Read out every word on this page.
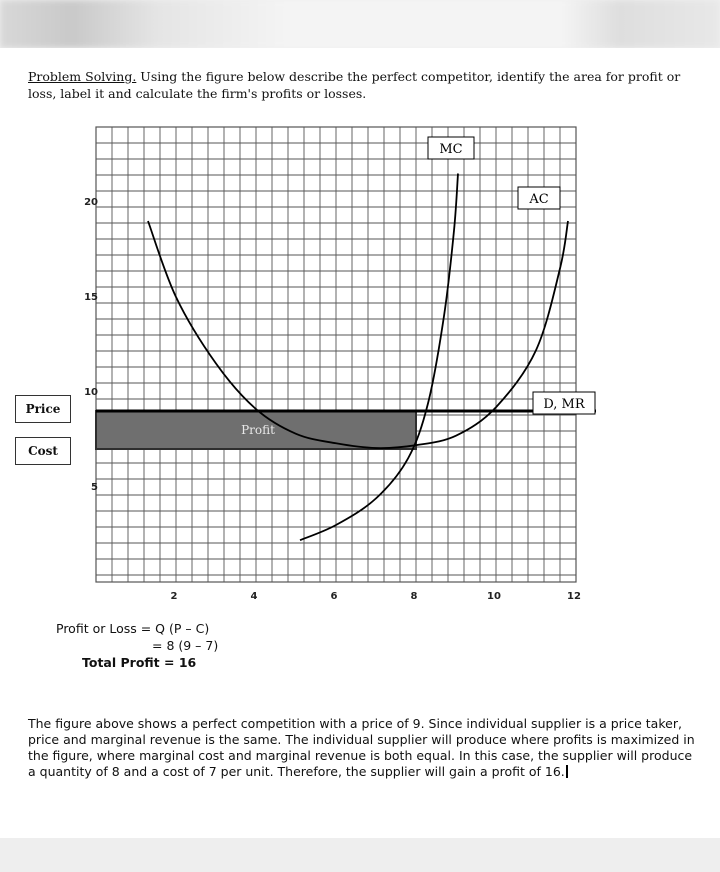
Problem Solving. Using the figure below describe the perfect competitor, identify the area for profit or loss, label it and calculate the firm's profits or losses.
Profit
MC
AC
D, MR
2	4	6	8	10	12
5
10
15
20
Price
Cost
Profit or Loss = Q (P – C)
= 8 (9 – 7)
Total Profit = 16
The figure above shows a perfect competition with a price of 9. Since individual supplier is a price taker, price and marginal revenue is the same. The individual supplier will produce where profits is maximized in the figure, where marginal cost and marginal revenue is both equal. In this case, the supplier will produce a quantity of 8 and a cost of 7 per unit. Therefore, the supplier will gain a profit of 16.
